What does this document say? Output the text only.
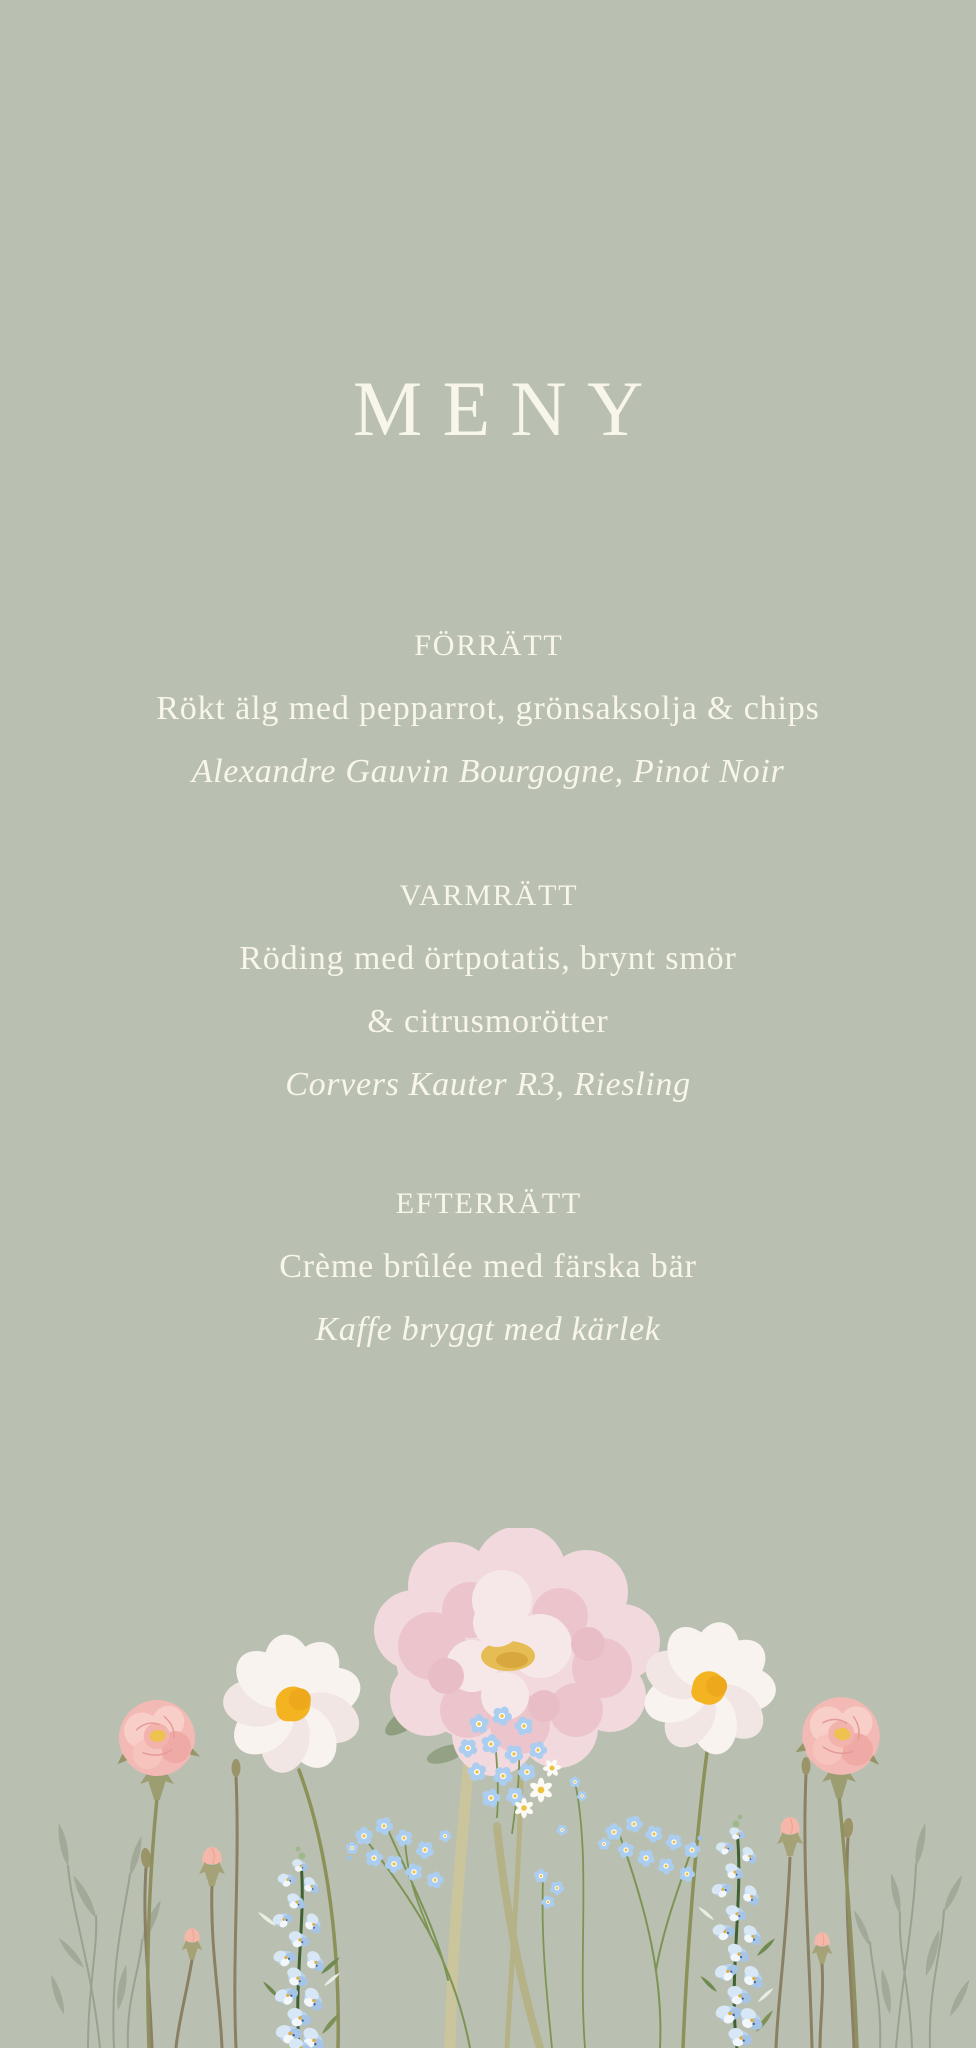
MENY
FÖRRÄTT
Rökt älg med pepparrot, grönsaksolja & chips
Alexandre Gauvin Bourgogne, Pinot Noir
VARMRÄTT
Röding med örtpotatis, brynt smör
& citrusmorötter
Corvers Kauter R3, Riesling
EFTERRÄTT
Crème brûlée med färska bär
Kaffe bryggt med kärlek
